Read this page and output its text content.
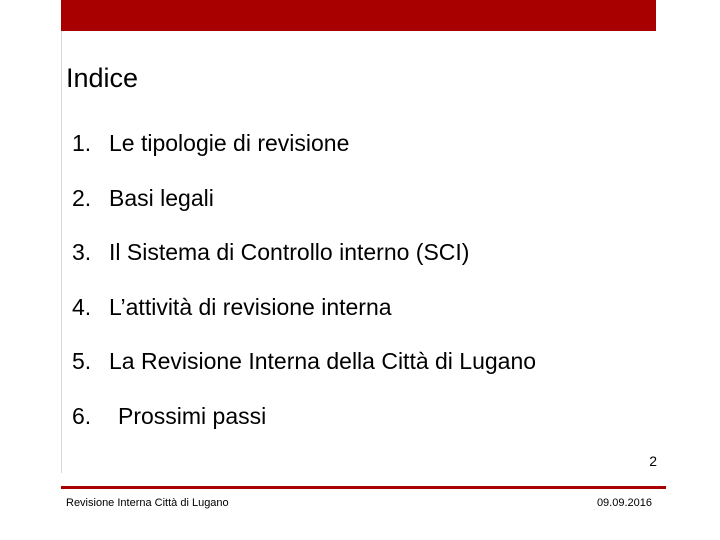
Indice
1. Le tipologie di revisione
2. Basi legali
3. Il Sistema di Controllo interno (SCI)
4. L’attività di revisione interna
5. La Revisione Interna della Città di Lugano
6. Prossimi passi
2
Revisione Interna Città di Lugano	09.09.2016
